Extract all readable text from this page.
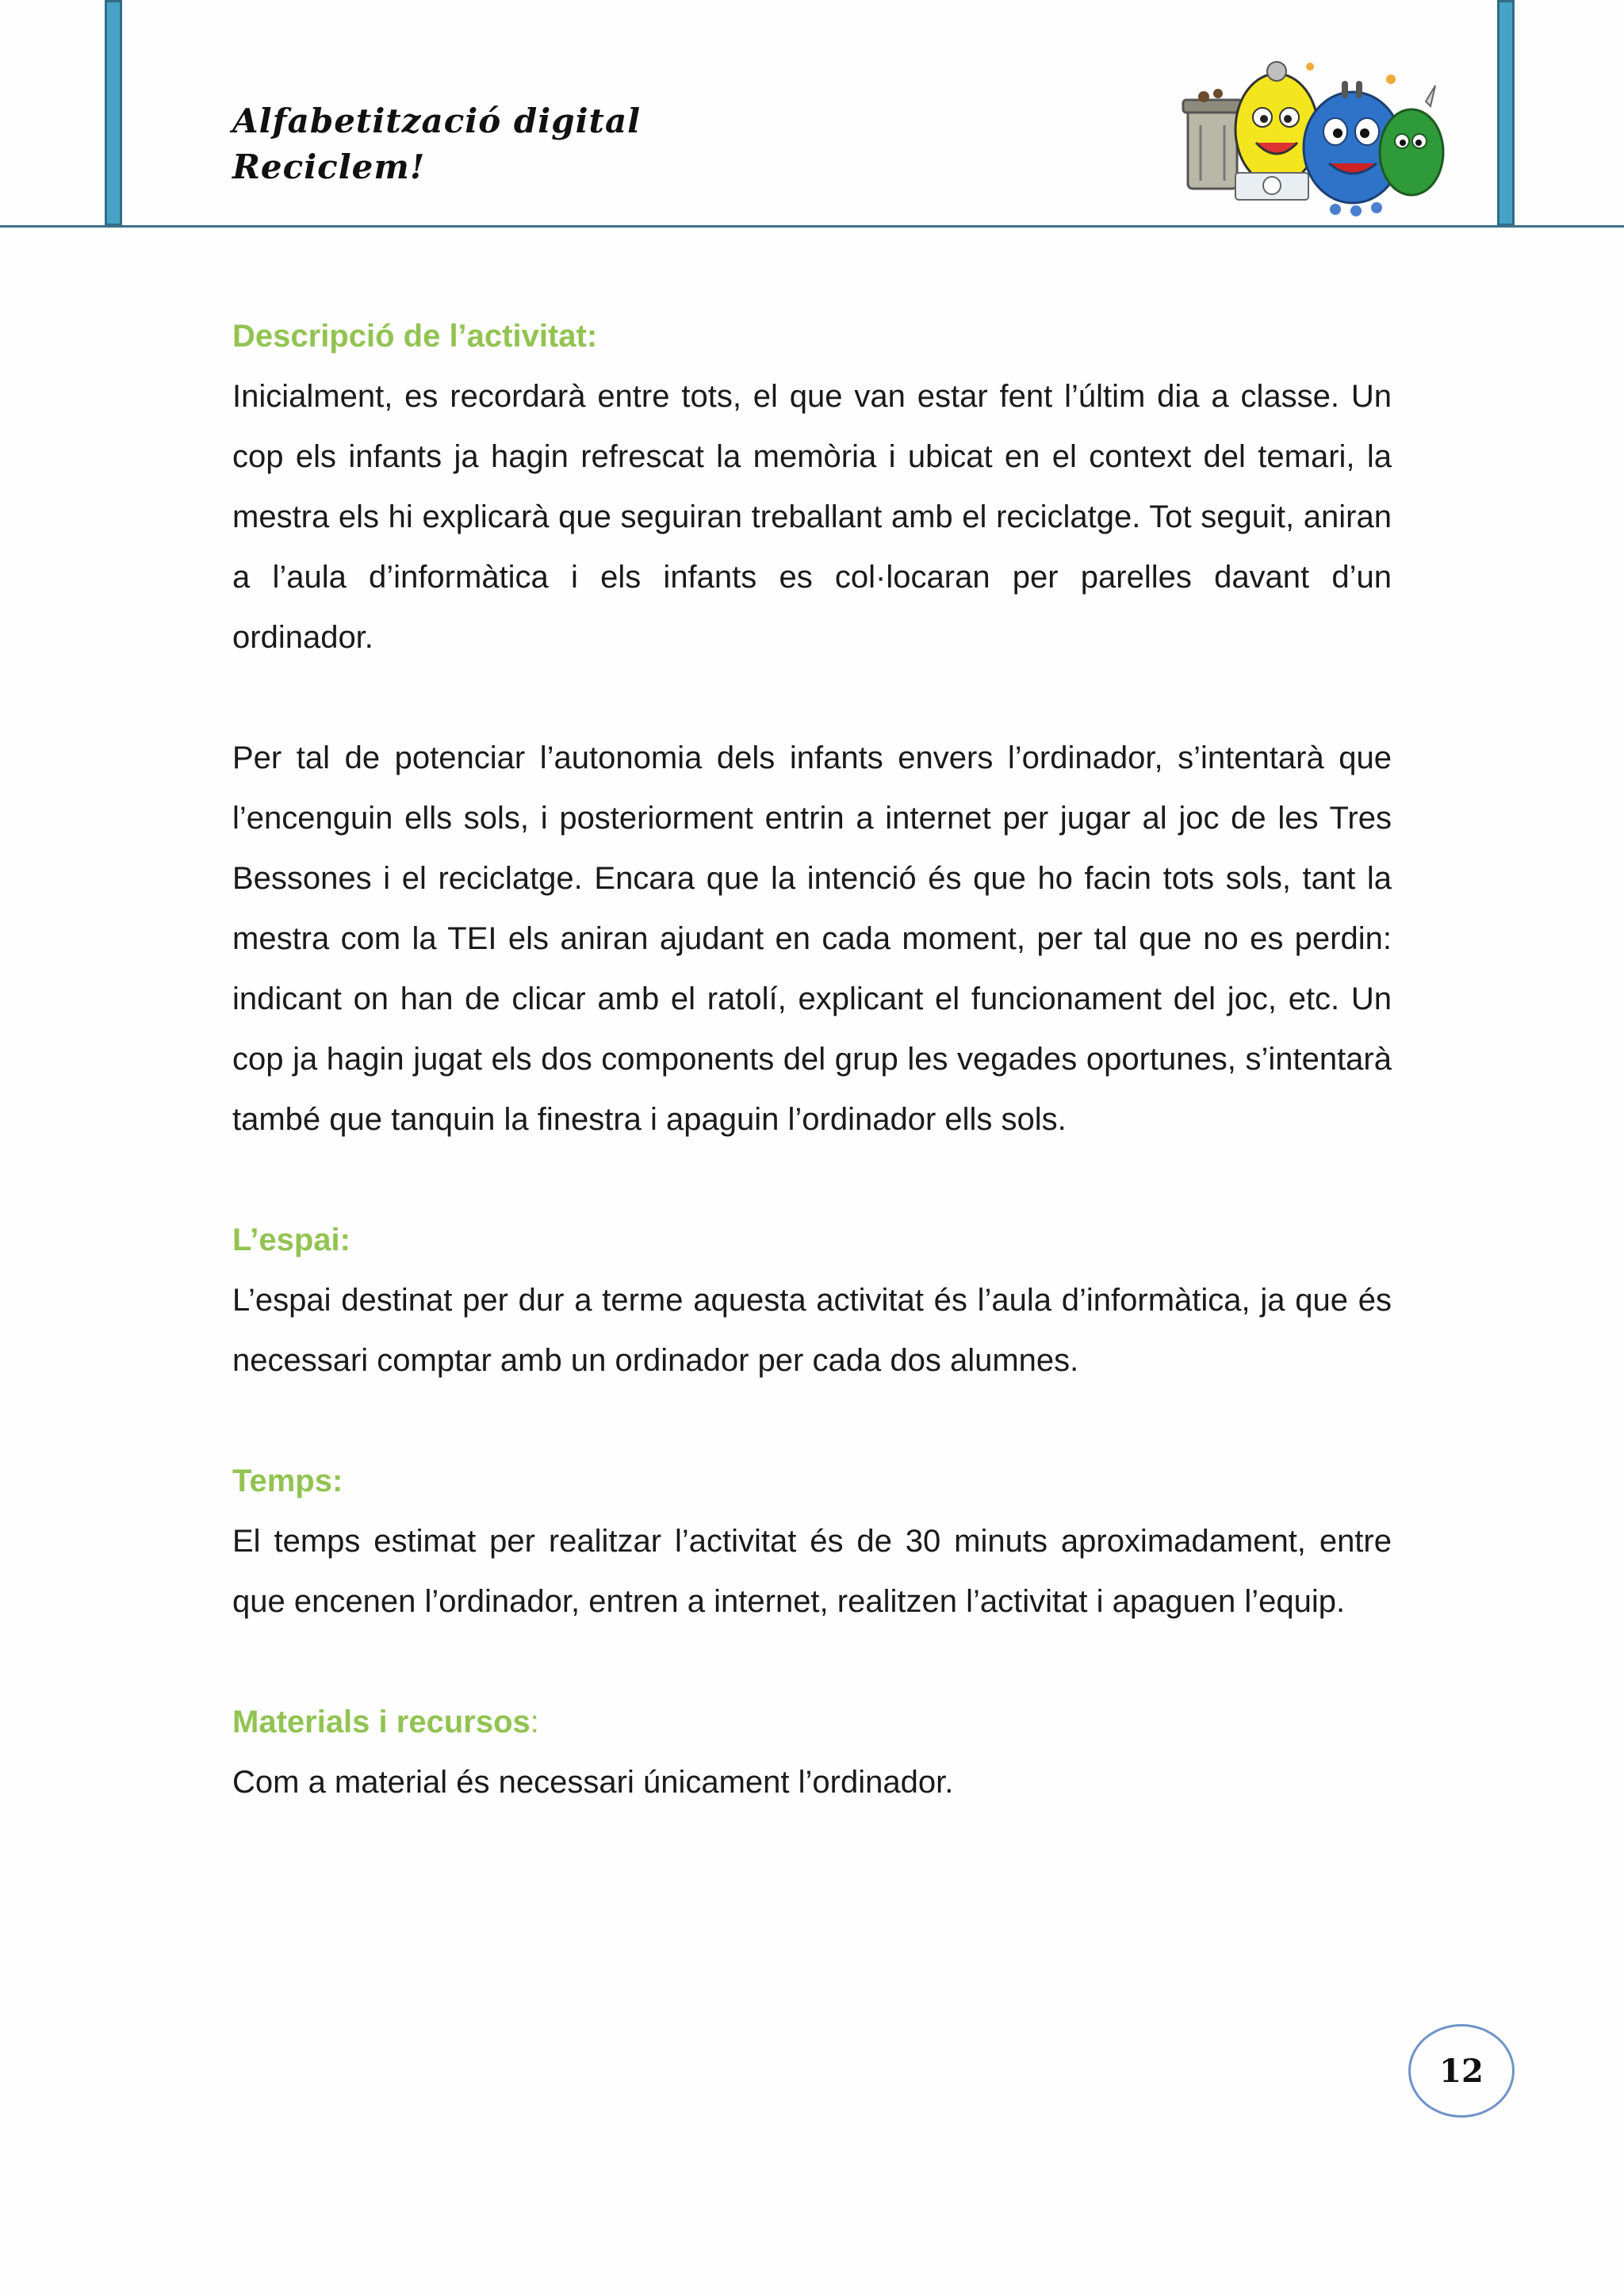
Alfabetització digital
Reciclem!
Descripció de l’activitat:

Inicialment, es recordarà entre tots, el que van estar fent l’últim dia a classe. Un cop els infants ja hagin refrescat la memòria i ubicat en el context del temari, la mestra els hi explicarà que seguiran treballant amb el reciclatge. Tot seguit, aniran a l’aula d’informàtica i els infants es col·locaran per parelles davant d’un ordinador.

Per tal de potenciar l’autonomia dels infants envers l’ordinador, s’intentarà que l’encenguin ells sols, i posteriorment entrin a internet per jugar al joc de les Tres Bessones i el reciclatge. Encara que la intenció és que ho facin tots sols, tant la mestra com la TEI els aniran ajudant en cada moment, per tal que no es perdin: indicant on han de clicar amb el ratolí, explicant el funcionament del joc, etc. Un cop ja hagin jugat els dos components del grup les vegades oportunes, s’intentarà també que tanquin la finestra i apaguin l’ordinador ells sols.

L’espai:

L’espai destinat per dur a terme aquesta activitat és l’aula d’informàtica, ja que és necessari comptar amb un ordinador per cada dos alumnes.

Temps:

El temps estimat per realitzar l’activitat és de 30 minuts aproximadament, entre que encenen l’ordinador, entren a internet, realitzen l’activitat i apaguen l’equip.

Materials i recursos:

Com a material és necessari únicament l’ordinador.

12
